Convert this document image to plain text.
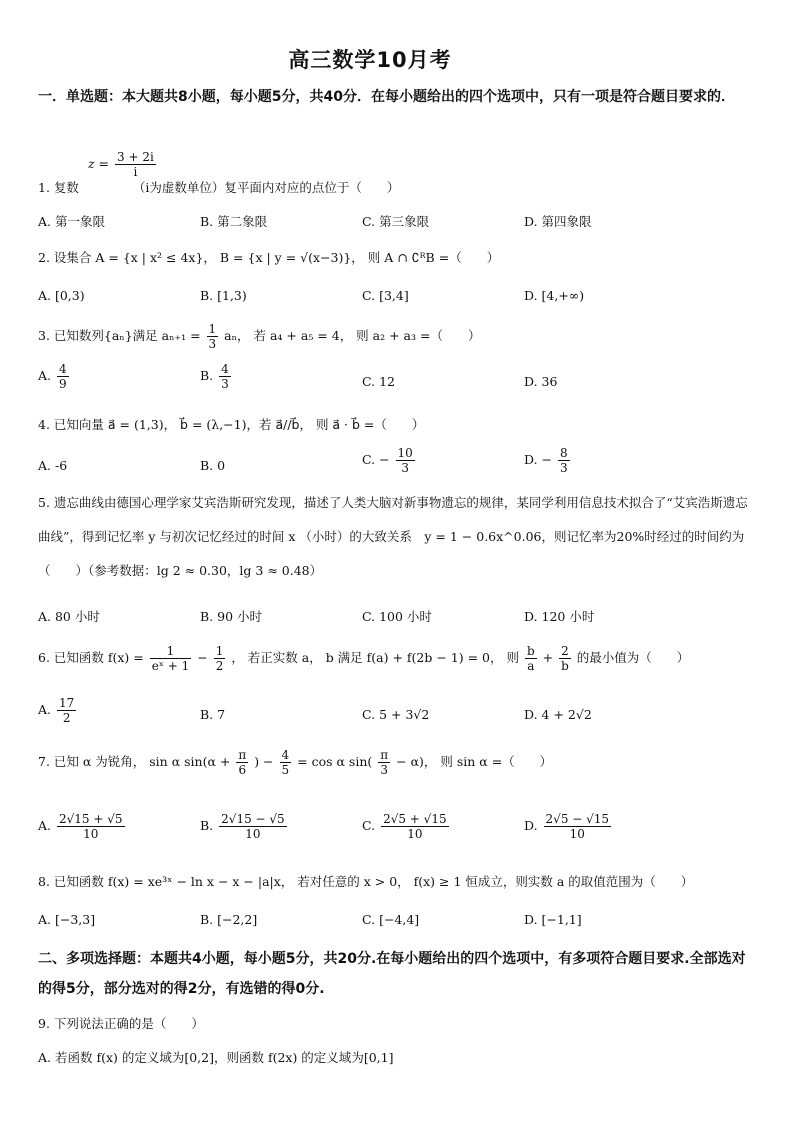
高三数学10月考
一．单选题：本大题共8小题，每小题5分，共40分．在每小题给出的四个选项中，只有一项是符合题目要求的．
$z = \frac{3 + 2i}{i}$
1. 复数	（i为虚数单位）复平面内对应的点位于（　　）
A. 第一象限	B. 第二象限	C. 第三象限	D. 第四象限
2. 设集合 A = {x | x² ≤ 4x}， B = {x | y = √(x−3)}， 则 A ∩ ∁ᴿB =（　　）
A. [0,3)	B. [1,3)	C. [3,4]	D. [4,+∞)
3. 已知数列{aₙ}满足 $a_{n+1} = \frac{1}{3}$ aₙ， 若 a₄ + a₅ = 4， 则 a₂ + a₃ =（　　）
A. $\frac{4}{9}$	B. $\frac{4}{3}$	C. 12	D. 36
4. 已知向量 a⃗ = (1,3)， b⃗ = (λ,−1)，若 a⃗//b⃗， 则 a⃗ · b⃗ =（　　）
A. -6	B. 0	C. − $\frac{10}{3}$	D. − $\frac{8}{3}$
5. 遗忘曲线由德国心理学家艾宾浩斯研究发现，描述了人类大脑对新事物遗忘的规律，某同学利用信息技术拟合了“艾宾浩斯遗忘曲线”，得到记忆率 y 与初次记忆经过的时间 x （小时）的大致关系　y = 1 − 0.6x^0.06，则记忆率为20%时经过的时间约为（　　）（参考数据：lg 2 ≈ 0.30，lg 3 ≈ 0.48）
A. 80 小时	B. 90 小时	C. 100 小时	D. 120 小时
6. 已知函数 $f(x) = \frac{1}{\text{eˣ + 1}} - \frac{1}{2}$ ， 若正实数 a， b 满足 f(a) + f(2b − 1) = 0， 则 $\frac{b}{a} + \frac{2}{b}$ 的最小值为（　　）
A. $\frac{17}{2}$	B. 7	C. 5 + 3√2	D. 4 + 2√2
7. 已知 α 为锐角， sin α $\sin(\alpha + \frac{\pi}{6}$ ) − $\frac{4}{5} = \cos \alpha$ $\sin( \frac{\pi}{3} - \alpha)$， 则 sin α =（　　）
A. $\frac{2√15 + √5}{10}$	B. $\frac{2√15 - √5}{10}$	C. $\frac{2√5 + √15}{10}$	D. $\frac{2√5 - √15}{10}$
8. 已知函数 f(x) = xe³ˣ − ln x − x − |a|x， 若对任意的 x > 0， f(x) ≥ 1 恒成立，则实数 a 的取值范围为（　　）
A. [−3,3]	B. [−2,2]	C. [−4,4]	D. [−1,1]
二、多项选择题：本题共4小题，每小题5分，共20分.在每小题给出的四个选项中，有多项符合题目要求.全部选对的得5分，部分选对的得2分，有选错的得0分.
9. 下列说法正确的是（　　）
A. 若函数 f(x) 的定义域为[0,2]，则函数 f(2x) 的定义域为[0,1]
